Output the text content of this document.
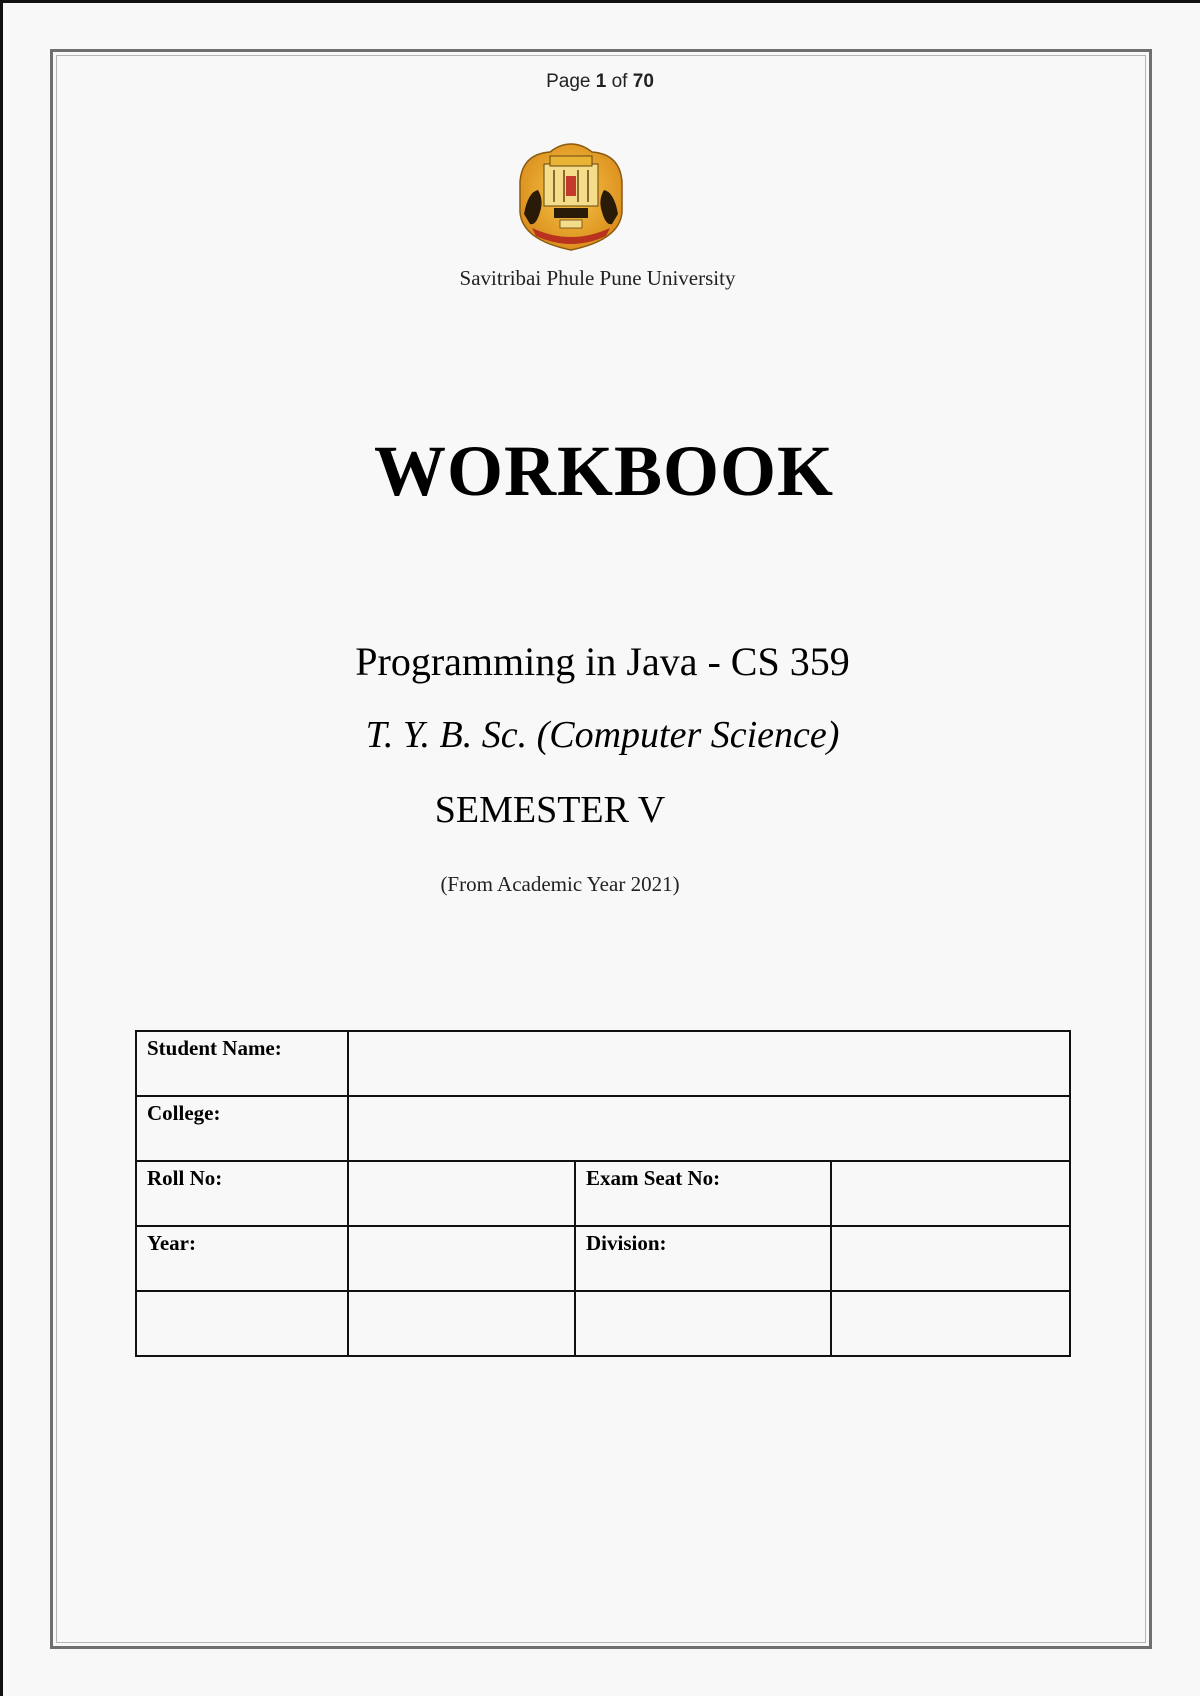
Page 1 of 70
Savitribai Phule Pune University
WORKBOOK
Programming in Java - CS 359
T. Y. B. Sc. (Computer Science)
SEMESTER V
(From Academic Year 2021)
Student Name:			
College:			
Roll No:		Exam Seat No:	
Year:		Division:	
